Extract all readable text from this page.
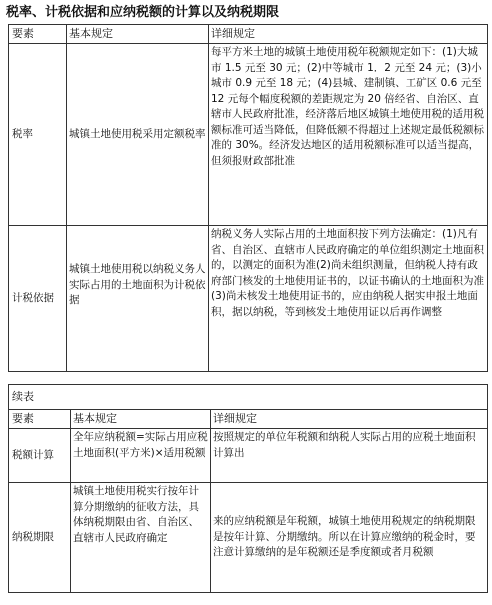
税率、计税依据和应纳税额的计算以及纳税期限
要素	基本规定	详细规定
税率	城镇土地使用税采用定额税率	每平方米土地的城镇土地使用税年税额规定如下：(1)大城市 1.5 元至 30 元；(2)中等城市 1．2 元至 24 元；(3)小城市 0.9 元至 18 元；(4)县城、建制镇、工矿区 0.6 元至 12 元每个幅度税额的差距规定为 20 倍经省、自治区、直辖市人民政府批准，经济落后地区城镇土地使用税的适用税额标准可适当降低，但降低额不得超过上述规定最低税额标准的 30%。经济发达地区的适用税额标准可以适当提高，但须报财政部批准
计税依据	城镇土地使用税以纳税义务人实际占用的土地面积为计税依据	纳税义务人实际占用的土地面积按下列方法确定：(1)凡有省、自治区、直辖市人民政府确定的单位组织测定土地面积的，以测定的面积为准(2)尚未组织测量，但纳税人持有政府部门核发的土地使用证书的，以证书确认的土地面积为准(3)尚未核发土地使用证书的，应由纳税人据实申报土地面积，据以纳税，等到核发土地使用证以后再作调整
续表		
要素	基本规定	详细规定
税额计算	全年应纳税额=实际占用应税土地面积(平方米)×适用税额	按照规定的单位年税额和纳税人实际占用的应税土地面积计算出
纳税期限	城镇土地使用税实行按年计算分期缴纳的征收方法，具体纳税期限由省、自治区、直辖市人民政府确定	来的应纳税额是年税额，城镇土地使用税规定的纳税期限是按年计算、分期缴纳。所以在计算应缴纳的税金时，要注意计算缴纳的是年税额还是季度额或者月税额
